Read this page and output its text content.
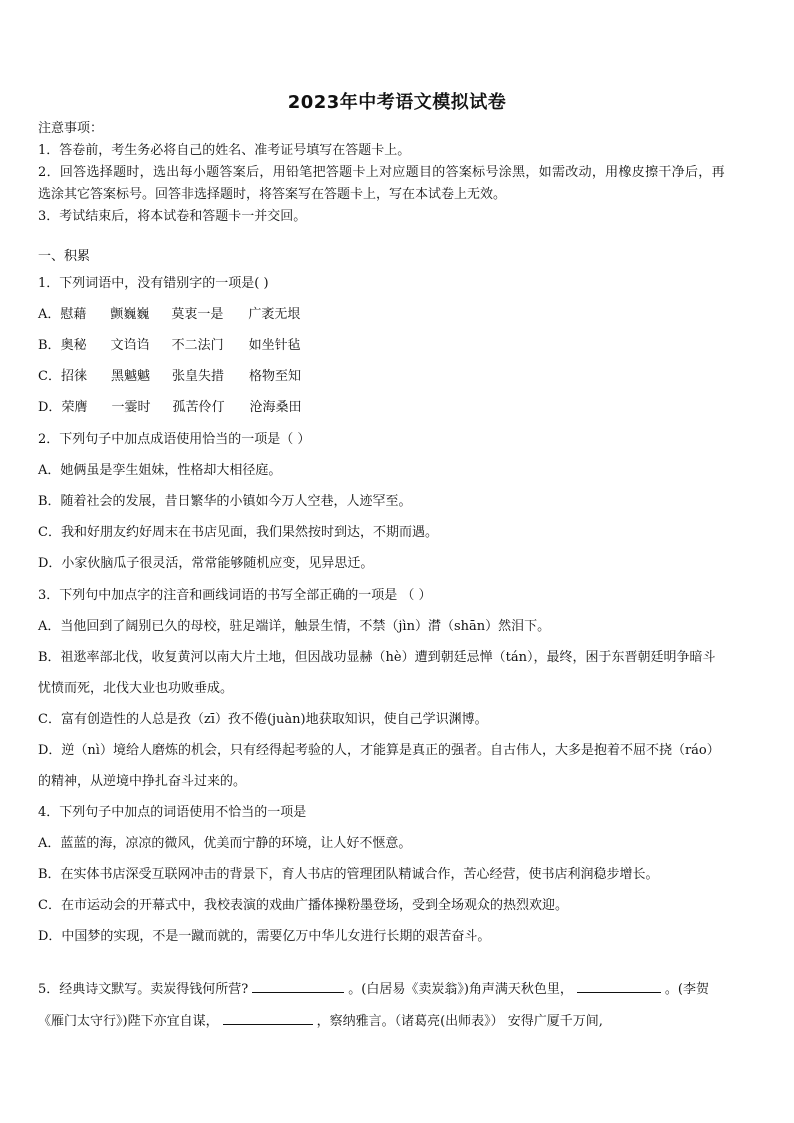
2023年中考语文模拟试卷
注意事项：
1．答卷前，考生务必将自己的姓名、准考证号填写在答题卡上。
2．回答选择题时，选出每小题答案后，用铅笔把答题卡上对应题目的答案标号涂黑，如需改动，用橡皮擦干净后，再
选涂其它答案标号。回答非选择题时，将答案写在答题卡上，写在本试卷上无效。
3．考试结束后，将本试卷和答题卡一并交回。
一、积累
1．下列词语中，没有错别字的一项是( )
A．慰藉 颤巍巍 莫衷一是 广袤无垠
B．奥秘 文诌诌 不二法门 如坐针毡
C．招徕 黑魆魆 张皇失措 格物至知
D．荣膺 一霎时 孤苦伶仃 沧海桑田
2．下列句子中加点成语使用恰当的一项是（ ）
A．她俩虽是孪生姐妹，性格却大相径庭。
B．随着社会的发展，昔日繁华的小镇如今万人空巷，人迹罕至。
C．我和好朋友约好周末在书店见面，我们果然按时到达，不期而遇。
D．小家伙脑瓜子很灵活，常常能够随机应变，见异思迁。
3．下列句中加点字的注音和画线词语的书写全部正确的一项是 （ ）
A．当他回到了阔别已久的母校，驻足端详，触景生情，不禁（jìn）潸（shān）然泪下。
B．祖逖率部北伐，收复黄河以南大片土地，但因战功显赫（hè）遭到朝廷忌惮（tán），最终，困于东晋朝廷明争暗斗
忧愤而死，北伐大业也功败垂成。
C．富有创造性的人总是孜（zī）孜不倦(juàn)地获取知识，使自己学识渊博。
D．逆（nì）境给人磨炼的机会，只有经得起考验的人，才能算是真正的强者。自古伟人，大多是抱着不屈不挠（ráo）
的精神，从逆境中挣扎奋斗过来的。
4．下列句子中加点的词语使用不恰当的一项是
A．蓝蓝的海，凉凉的微风，优美而宁静的环境，让人好不惬意。
B．在实体书店深受互联网冲击的背景下，育人书店的管理团队精诚合作，苦心经营，使书店利润稳步增长。
C．在市运动会的开幕式中，我校表演的戏曲广播体操粉墨登场，受到全场观众的热烈欢迎。
D．中国梦的实现，不是一蹴而就的，需要亿万中华儿女进行长期的艰苦奋斗。
5．经典诗文默写。卖炭得钱何所营?	。(白居易《卖炭翁》)角声满天秋色里，	。(李贺
《雁门太守行》)陛下亦宜自谋，	，察纳雅言。（诸葛亮(出师表》） 安得广厦千万间,
